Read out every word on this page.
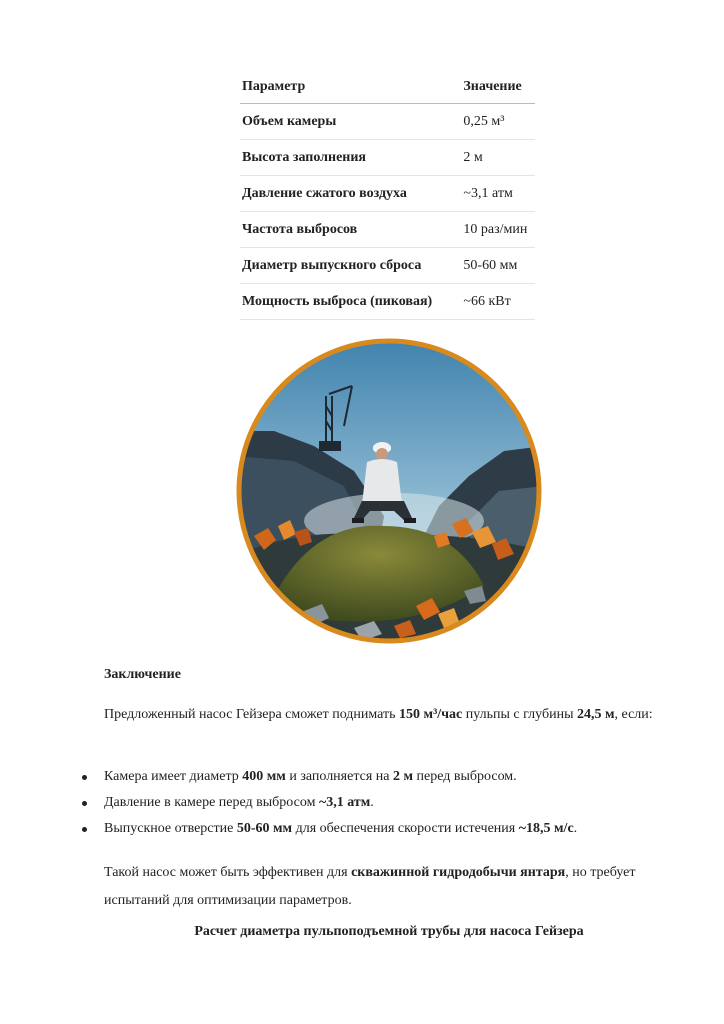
Параметр	Значение
Объем камеры	0,25 м³
Высота заполнения	2 м
Давление сжатого воздуха	~3,1 атм
Частота выбросов	10 раз/мин
Диаметр выпускного сброса	50-60 мм
Мощность выброса (пиковая)	~66 кВт
Заключение
Предложенный насос Гейзера сможет поднимать 150 м³/час пульпы с глубины 24,5 м, если:
Камера имеет диаметр 400 мм и заполняется на 2 м перед выбросом.
Давление в камере перед выбросом ~3,1 атм.
Выпускное отверстие 50-60 мм для обеспечения скорости истечения ~18,5 м/с.
Такой насос может быть эффективен для скважинной гидродобычи янтаря, но требует испытаний для оптимизации параметров.
Расчет диаметра пульпоподъемной трубы для насоса Гейзера
